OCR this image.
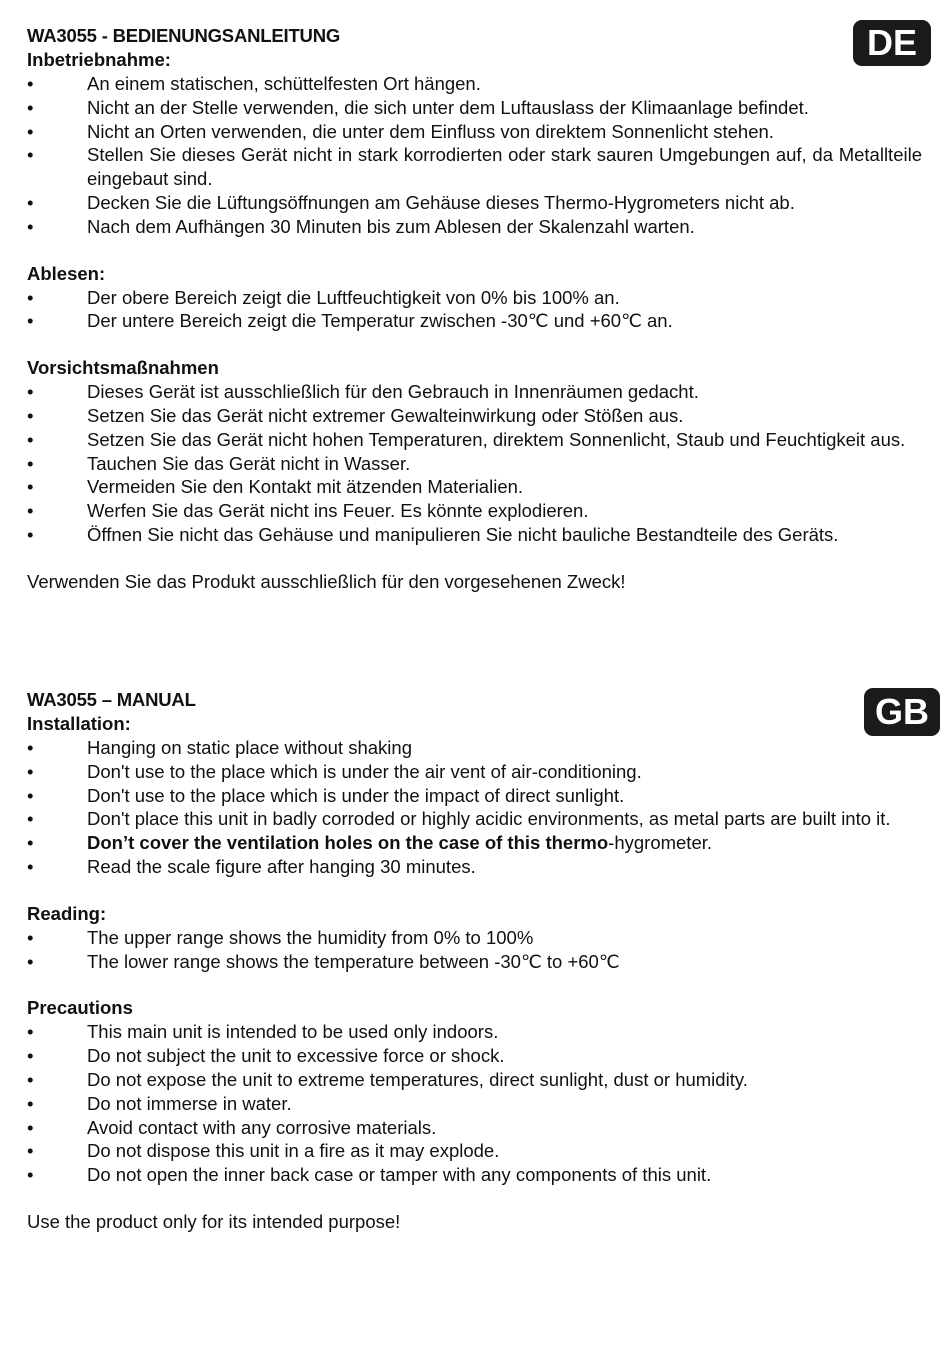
DE
GB

WA3055 - BEDIENUNGSANLEITUNG

Inbetriebnahme:

• An einem statischen, schüttelfesten Ort hängen.
• Nicht an der Stelle verwenden, die sich unter dem Luftauslass der Klimaanlage befindet.
• Nicht an Orten verwenden, die unter dem Einfluss von direktem Sonnenlicht stehen.
• Stellen Sie dieses Gerät nicht in stark korrodierten oder stark sauren Umgebungen auf, da Metallteile eingebaut sind.
• Decken Sie die Lüftungsöffnungen am Gehäuse dieses Thermo-Hygrometers nicht ab.
• Nach dem Aufhängen 30 Minuten bis zum Ablesen der Skalenzahl warten.

Ablesen:

• Der obere Bereich zeigt die Luftfeuchtigkeit von 0% bis 100% an.
• Der untere Bereich zeigt die Temperatur zwischen -30℃ und +60℃ an.

Vorsichtsmaßnahmen

• Dieses Gerät ist ausschließlich für den Gebrauch in Innenräumen gedacht.
• Setzen Sie das Gerät nicht extremer Gewalteinwirkung oder Stößen aus.
• Setzen Sie das Gerät nicht hohen Temperaturen, direktem Sonnenlicht, Staub und Feuchtigkeit aus.
• Tauchen Sie das Gerät nicht in Wasser.
• Vermeiden Sie den Kontakt mit ätzenden Materialien.
• Werfen Sie das Gerät nicht ins Feuer. Es könnte explodieren.
• Öffnen Sie nicht das Gehäuse und manipulieren Sie nicht bauliche Bestandteile des Geräts.

Verwenden Sie das Produkt ausschließlich für den vorgesehenen Zweck!

WA3055 – MANUAL

Installation:

• Hanging on static place without shaking
• Don't use to the place which is under the air vent of air-conditioning.
• Don't use to the place which is under the impact of direct sunlight.
• Don't place this unit in badly corroded or highly acidic environments, as metal parts are built into it.
• Don’t cover the ventilation holes on the case of this thermo-hygrometer.
• Read the scale figure after hanging 30 minutes.

Reading:

• The upper range shows the humidity from 0% to 100%
• The lower range shows the temperature between -30℃ to +60℃

Precautions

• This main unit is intended to be used only indoors.
• Do not subject the unit to excessive force or shock.
• Do not expose the unit to extreme temperatures, direct sunlight, dust or humidity.
• Do not immerse in water.
• Avoid contact with any corrosive materials.
• Do not dispose this unit in a fire as it may explode.
• Do not open the inner back case or tamper with any components of this unit.

Use the product only for its intended purpose!
